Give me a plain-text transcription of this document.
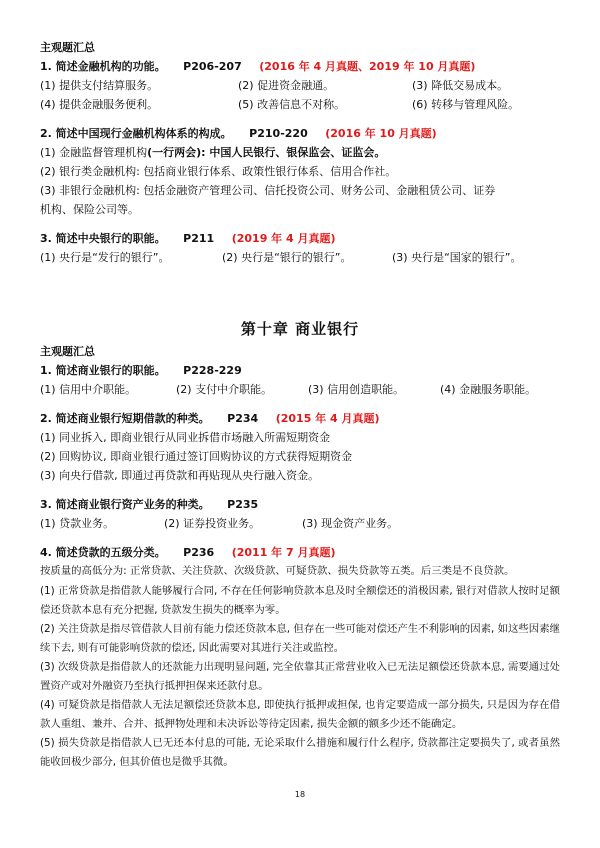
主观题汇总
1. 简述金融机构的功能。 P206-207 (2016 年 4 月真题、2019 年 10 月真题)
(1) 提供支付结算服务。	(2) 促进资金融通。	(3) 降低交易成本。
(4) 提供金融服务便利。	(5) 改善信息不对称。	(6) 转移与管理风险。
2. 简述中国现行金融机构体系的构成。 P210-220 (2016 年 10 月真题)
(1) 金融监督管理机构(一行两会): 中国人民银行、银保监会、证监会。
(2) 银行类金融机构: 包括商业银行体系、政策性银行体系、信用合作社。
(3) 非银行金融机构: 包括金融资产管理公司、信托投资公司、财务公司、金融租赁公司、证券
机构、保险公司等。
3. 简述中央银行的职能。 P211 (2019 年 4 月真题)
(1) 央行是“发行的银行”。	(2) 央行是“银行的银行”。	(3) 央行是“国家的银行”。
第十章 商业银行
主观题汇总
1. 简述商业银行的职能。 P228-229
(1) 信用中介职能。	(2) 支付中介职能。	(3) 信用创造职能。	(4) 金融服务职能。
2. 简述商业银行短期借款的种类。 P234 (2015 年 4 月真题)
(1) 同业拆入, 即商业银行从同业拆借市场融入所需短期资金
(2) 回购协议, 即商业银行通过签订回购协议的方式获得短期资金
(3) 向央行借款, 即通过再贷款和再贴现从央行融入资金。
3. 简述商业银行资产业务的种类。 P235
(1) 贷款业务。	(2) 证券投资业务。	(3) 现金资产业务。
4. 简述贷款的五级分类。 P236 (2011 年 7 月真题)
按质量的高低分为: 正常贷款、关注贷款、次级贷款、可疑贷款、损失贷款等五类。后三类是不良贷款。
(1) 正常贷款是指借款人能够履行合同, 不存在任何影响贷款本息及时全额偿还的消极因素, 银行对借款人按时足额偿还贷款本息有充分把握, 贷款发生损失的概率为零。
(2) 关注贷款是指尽管借款人目前有能力偿还贷款本息, 但存在一些可能对偿还产生不利影响的因素, 如这些因素继续下去, 则有可能影响贷款的偿还, 因此需要对其进行关注或监控。
(3) 次级贷款是指借款人的还款能力出现明显问题, 完全依靠其正常营业收入已无法足额偿还贷款本息, 需要通过处置资产或对外融资乃至执行抵押担保来还款付息。
(4) 可疑贷款是指借款人无法足额偿还贷款本息, 即使执行抵押或担保, 也肯定要造成一部分损失, 只是因为存在借款人重组、兼并、合并、抵押物处理和未决诉讼等待定因素, 损失金额的额多少还不能确定。
18
(5) 损失贷款是指借款人已无还本付息的可能, 无论采取什么措施和履行什么程序, 贷款都注定要损失了, 或者虽然能收回极少部分, 但其价值也是微乎其微。
